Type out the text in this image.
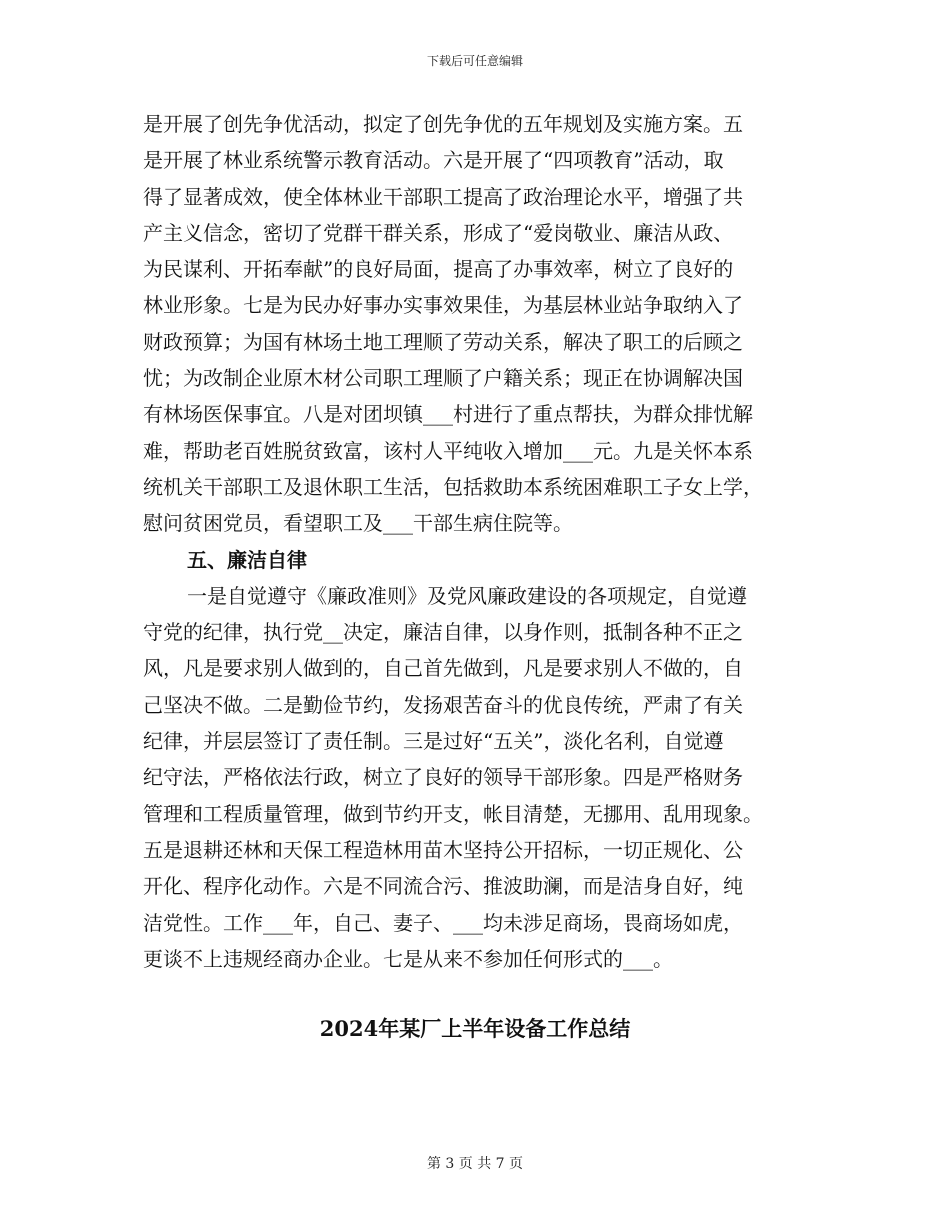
下载后可任意编辑
是开展了创先争优活动，拟定了创先争优的五年规划及实施方案。五
是开展了林业系统警示教育活动。六是开展了“四项教育”活动，取
得了显著成效，使全体林业干部职工提高了政治理论水平，增强了共
产主义信念，密切了党群干群关系，形成了“爱岗敬业、廉洁从政、
为民谋利、开拓奉献”的良好局面，提高了办事效率，树立了良好的
林业形象。七是为民办好事办实事效果佳，为基层林业站争取纳入了
财政预算；为国有林场土地工理顺了劳动关系，解决了职工的后顾之
忧；为改制企业原木材公司职工理顺了户籍关系；现正在协调解决国
有林场医保事宜。八是对团坝镇___村进行了重点帮扶，为群众排忧解
难，帮助老百姓脱贫致富，该村人平纯收入增加___元。九是关怀本系
统机关干部职工及退休职工生活，包括救助本系统困难职工子女上学，
慰问贫困党员，看望职工及___干部生病住院等。
五、廉洁自律
一是自觉遵守《廉政准则》及党风廉政建设的各项规定，自觉遵
守党的纪律，执行党__决定，廉洁自律，以身作则，抵制各种不正之
风，凡是要求别人做到的，自己首先做到，凡是要求别人不做的，自
己坚决不做。二是勤俭节约，发扬艰苦奋斗的优良传统，严肃了有关
纪律，并层层签订了责任制。三是过好“五关”，淡化名利，自觉遵
纪守法，严格依法行政，树立了良好的领导干部形象。四是严格财务
管理和工程质量管理，做到节约开支，帐目清楚，无挪用、乱用现象。
五是退耕还林和天保工程造林用苗木坚持公开招标，一切正规化、公
开化、程序化动作。六是不同流合污、推波助澜，而是洁身自好，纯
洁党性。工作___年，自己、妻子、___均未涉足商场，畏商场如虎，
更谈不上违规经商办企业。七是从来不参加任何形式的___。
2024年某厂上半年设备工作总结
第 3 页 共 7 页
